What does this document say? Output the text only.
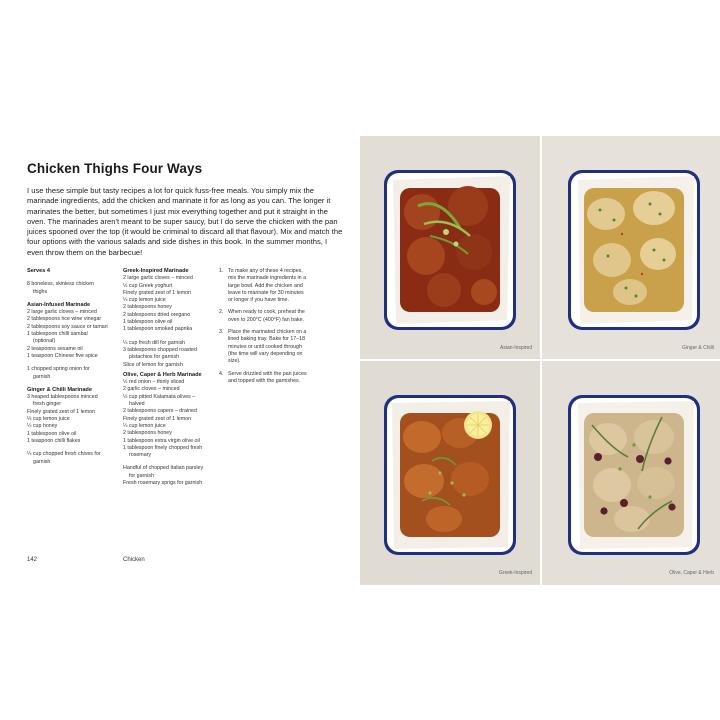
Chicken Thighs Four Ways

I use these simple but tasty recipes a lot for quick fuss-free meals. You simply mix the marinade ingredients, add the chicken and marinate it for as long as you can. The longer it marinates the better, but sometimes I just mix everything together and put it straight in the oven. The marinades aren't meant to be super saucy, but I do serve the chicken with the pan juices spooned over the top (it would be criminal to discard all that flavour). Mix and match the four options with the various salads and side dishes in this book. In the summer months, I even throw them on the barbecue!

Serves 4
8 boneless, skinless chicken
thighs
Asian-Infused Marinade
2 large garlic cloves – minced
2 tablespoons rice wine vinegar
2 tablespoons soy sauce or tamari
1 tablespoon chilli sambal
(optional)
2 teaspoons sesame oil
1 teaspoon Chinese five spice
1 chopped spring onion for
garnish
Ginger & Chilli Marinade
3 heaped tablespoons minced
fresh ginger
Finely grated zest of 1 lemon
⅓ cup lemon juice
¼ cup honey
1 tablespoon olive oil
1 teaspoon chilli flakes
¼ cup chopped fresh chives for
garnish
Greek-Inspired Marinade
2 large garlic cloves – minced
½ cup Greek yoghurt
Finely grated zest of 1 lemon
¼ cup lemon juice
2 tablespoons honey
2 tablespoons dried oregano
1 tablespoon olive oil
1 tablespoon smoked paprika
¼ cup fresh dill for garnish
3 tablespoons chopped roasted
pistachios for garnish
Slice of lemon for garnish
Olive, Caper & Herb Marinade
½ red onion – thinly sliced
2 garlic cloves – minced
½ cup pitted Kalamata olives –
halved
2 tablespoons capers – drained
Finely grated zest of 1 lemon
¼ cup lemon juice
2 tablespoons honey
1 tablespoon extra virgin olive oil
1 tablespoon finely chopped fresh
rosemary
Handful of chopped Italian parsley
for garnish
Fresh rosemary sprigs for garnish
1. To make any of these 4 recipes, mix the marinade ingredients in a large bowl. Add the chicken and leave to marinate for 30 minutes or longer if you have time.
2. When ready to cook, preheat the oven to 200°C (400°F) fan bake.
3. Place the marinated chicken on a lined baking tray. Bake for 17–18 minutes or until cooked through (the time will vary depending on size).
4. Serve drizzled with the pan juices and topped with the garnishes.
142	Chicken
Asian-Inspired	Ginger & Chilli
Greek-Inspired	Olive, Caper & Herb
